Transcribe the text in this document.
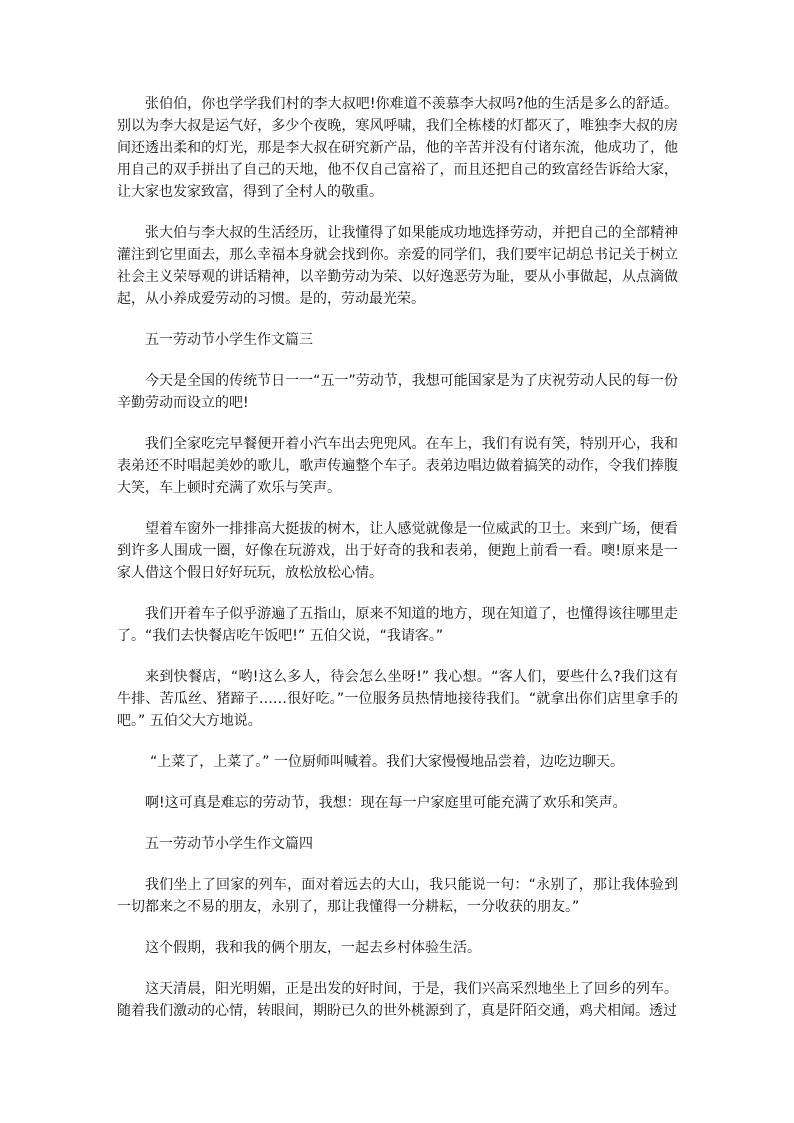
张伯伯，你也学学我们村的李大叔吧!你难道不羡慕李大叔吗?他的生活是多么的舒适。别以为李大叔是运气好，多少个夜晚，寒风呼啸，我们全栋楼的灯都灭了，唯独李大叔的房间还透出柔和的灯光，那是李大叔在研究新产品，他的辛苦并没有付诸东流，他成功了，他用自己的双手拼出了自己的天地，他不仅自己富裕了，而且还把自己的致富经告诉给大家，让大家也发家致富，得到了全村人的敬重。

张大伯与李大叔的生活经历，让我懂得了如果能成功地选择劳动，并把自己的全部精神灌注到它里面去，那么幸福本身就会找到你。亲爱的同学们，我们要牢记胡总书记关于树立社会主义荣辱观的讲话精神，以辛勤劳动为荣、以好逸恶劳为耻，要从小事做起，从点滴做起，从小养成爱劳动的习惯。是的，劳动最光荣。

五一劳动节小学生作文篇三

今天是全国的传统节日一一“五一”劳动节，我想可能国家是为了庆祝劳动人民的每一份辛勤劳动而设立的吧!

我们全家吃完早餐便开着小汽车出去兜兜风。在车上，我们有说有笑，特别开心，我和表弟还不时唱起美妙的歌儿，歌声传遍整个车子。表弟边唱边做着搞笑的动作，令我们捧腹大笑，车上顿时充满了欢乐与笑声。

望着车窗外一排排高大挺拔的树木，让人感觉就像是一位威武的卫士。来到广场，便看到许多人围成一圈，好像在玩游戏，出于好奇的我和表弟，便跑上前看一看。噢!原来是一家人借这个假日好好玩玩，放松放松心情。

我们开着车子似乎游遍了五指山，原来不知道的地方，现在知道了，也懂得该往哪里走了。“我们去快餐店吃午饭吧!” 五伯父说，“我请客。”

来到快餐店，“哟!这么多人，待会怎么坐呀!” 我心想。“客人们，要些什么?我们这有牛排、苦瓜丝、猪蹄子……很好吃。”一位服务员热情地接待我们。“就拿出你们店里拿手的吧。” 五伯父大方地说。

“上菜了，上菜了。” 一位厨师叫喊着。我们大家慢慢地品尝着，边吃边聊天。

啊!这可真是难忘的劳动节，我想：现在每一户家庭里可能充满了欢乐和笑声。

五一劳动节小学生作文篇四

我们坐上了回家的列车，面对着远去的大山，我只能说一句：“永别了，那让我体验到一切都来之不易的朋友，永别了，那让我懂得一分耕耘，一分收获的朋友。”

这个假期，我和我的俩个朋友，一起去乡村体验生活。

这天清晨，阳光明媚，正是出发的好时间，于是，我们兴高采烈地坐上了回乡的列车。随着我们激动的心情，转眼间，期盼已久的世外桃源到了，真是阡陌交通，鸡犬相闻。透过
